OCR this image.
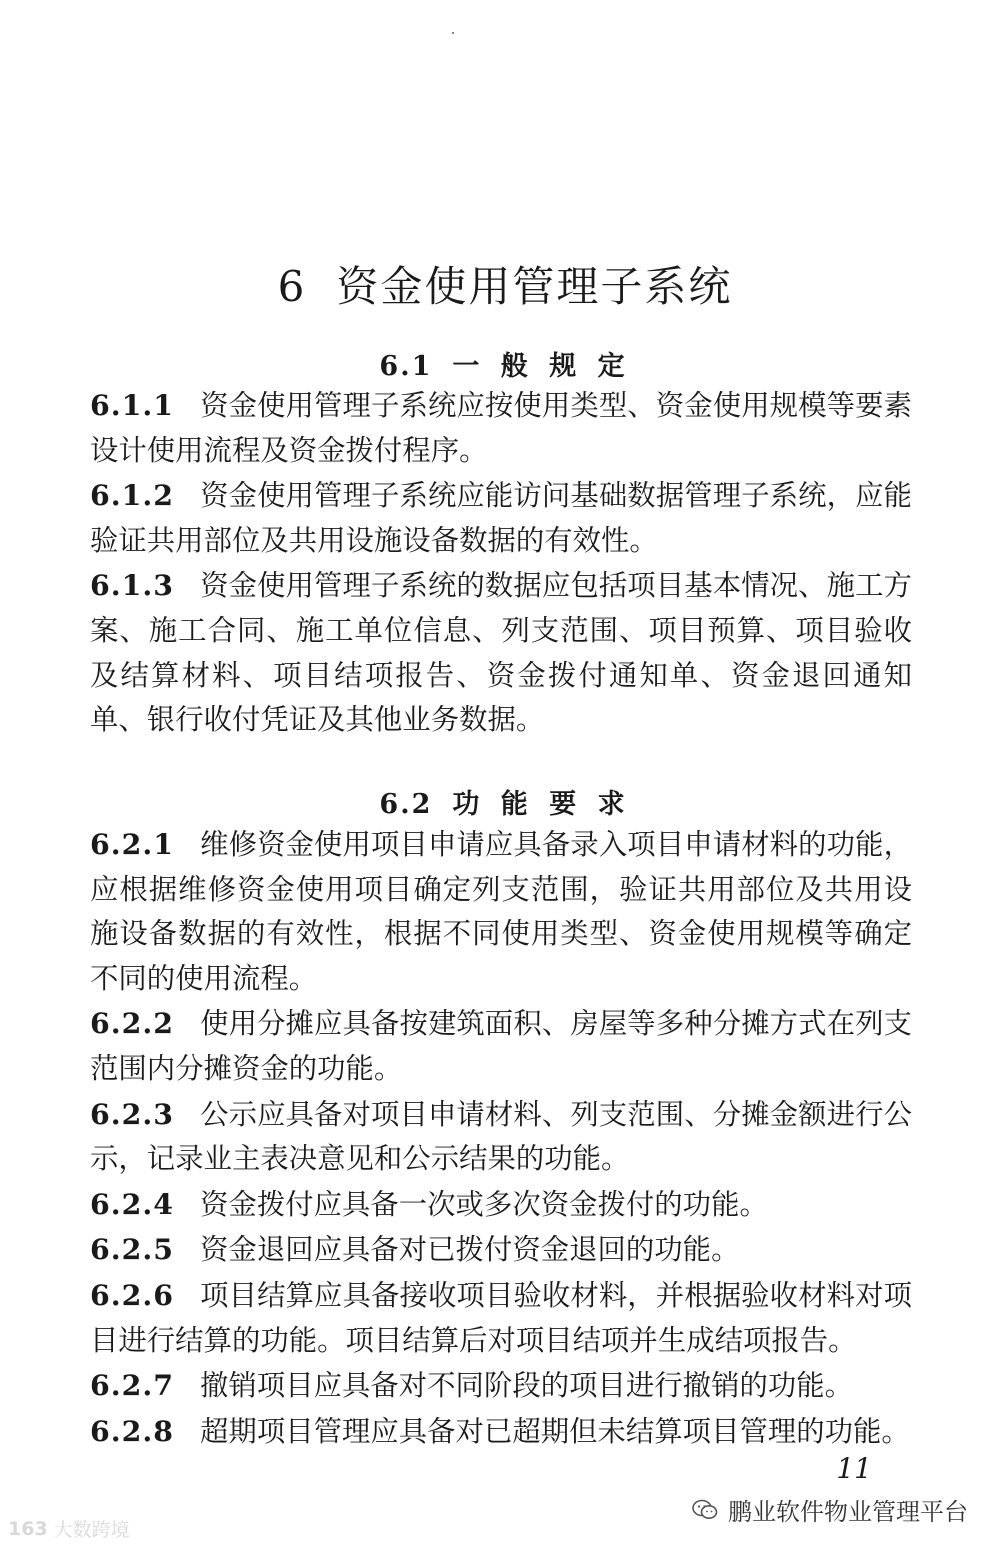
6 资金使用管理子系统
6.1 一 般 规 定

6.1.1 资金使用管理子系统应按使用类型、资金使用规模等要素设计使用流程及资金拨付程序。

6.1.2 资金使用管理子系统应能访问基础数据管理子系统，应能验证共用部位及共用设施设备数据的有效性。

6.1.3 资金使用管理子系统的数据应包括项目基本情况、施工方案、施工合同、施工单位信息、列支范围、项目预算、项目验收及结算材料、项目结项报告、资金拨付通知单、资金退回通知单、银行收付凭证及其他业务数据。

6.2 功 能 要 求

6.2.1 维修资金使用项目申请应具备录入项目申请材料的功能，应根据维修资金使用项目确定列支范围，验证共用部位及共用设施设备数据的有效性，根据不同使用类型、资金使用规模等确定不同的使用流程。

6.2.2 使用分摊应具备按建筑面积、房屋等多种分摊方式在列支范围内分摊资金的功能。

6.2.3 公示应具备对项目申请材料、列支范围、分摊金额进行公示，记录业主表决意见和公示结果的功能。

6.2.4 资金拨付应具备一次或多次资金拨付的功能。

6.2.5 资金退回应具备对已拨付资金退回的功能。

6.2.6 项目结算应具备接收项目验收材料，并根据验收材料对项目进行结算的功能。项目结算后对项目结项并生成结项报告。

6.2.7 撤销项目应具备对不同阶段的项目进行撤销的功能。

6.2.8 超期项目管理应具备对已超期但未结算项目管理的功能。

11
鹏业软件物业管理平台
163 大数跨境
